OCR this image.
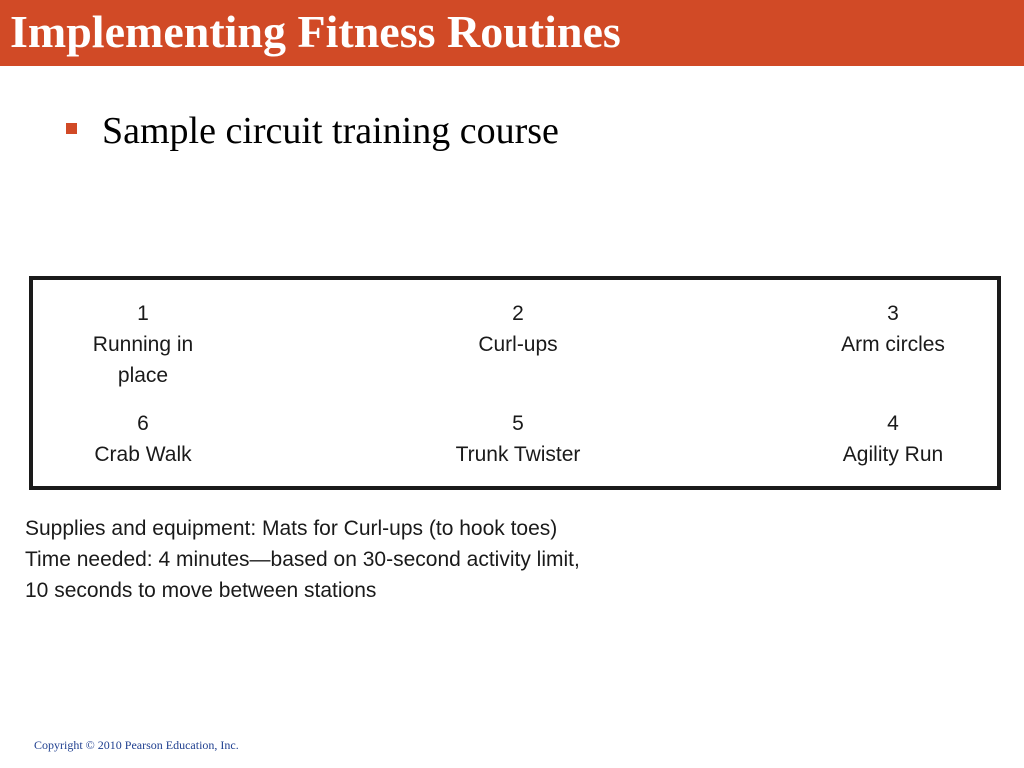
Implementing Fitness Routines
Sample circuit training course
1
Running in place
2
Curl-ups
3
Arm circles
6
Crab Walk
5
Trunk Twister
4
Agility Run
Supplies and equipment: Mats for Curl-ups (to hook toes)
Time needed: 4 minutes—based on 30-second activity limit,
10 seconds to move between stations
Copyright © 2010 Pearson Education, Inc.
